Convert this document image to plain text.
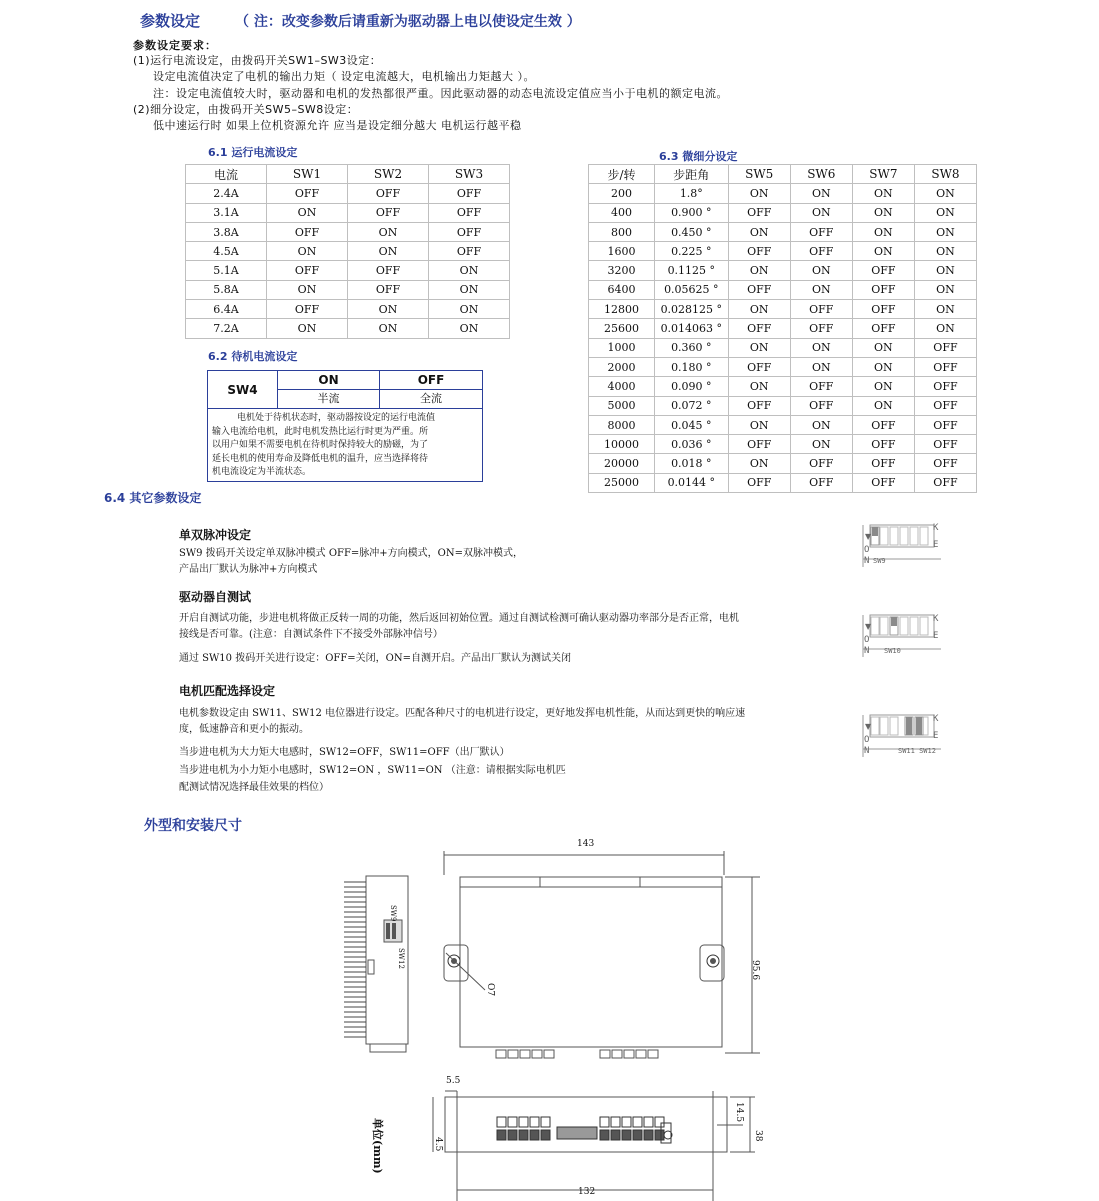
参数设定 （ 注：改变参数后请重新为驱动器上电以使设定生效 ）
参数设定要求：
(1)运行电流设定，由拨码开关SW1–SW3设定：
设定电流值决定了电机的输出力矩（ 设定电流越大，电机输出力矩越大 ）。
注：设定电流值较大时，驱动器和电机的发热都很严重。因此驱动器的动态电流设定值应当小于电机的额定电流。
(2)细分设定，由拨码开关SW5–SW8设定：
低中速运行时 如果上位机资源允许 应当是设定细分越大 电机运行越平稳
6.1 运行电流设定
电流	SW1	SW2	SW3
2.4A	OFF	OFF	OFF
3.1A	ON	OFF	OFF
3.8A	OFF	ON	OFF
4.5A	ON	ON	OFF
5.1A	OFF	OFF	ON
5.8A	ON	OFF	ON
6.4A	OFF	ON	ON
7.2A	ON	ON	ON
6.2 待机电流设定
SW4
ON	OFF
半流	全流
电机处于待机状态时，驱动器按设定的运行电流值
输入电流给电机，此时电机发热比运行时更为严重。所
以用户如果不需要电机在待机时保持较大的励磁，为了
延长电机的使用寿命及降低电机的温升，应当选择将待
机电流设定为半流状态。
6.3 微细分设定
步/转	步距角	SW5	SW6	SW7	SW8
200	1.8°	ON	ON	ON	ON
400	0.900 °	OFF	ON	ON	ON
800	0.450 °	ON	OFF	ON	ON
1600	0.225 °	OFF	OFF	ON	ON
3200	0.1125 °	ON	ON	OFF	ON
6400	0.05625 °	OFF	ON	OFF	ON
12800	0.028125 °	ON	OFF	OFF	ON
25600	0.014063 °	OFF	OFF	OFF	ON
1000	0.360 °	ON	ON	ON	OFF
2000	0.180 °	OFF	ON	ON	OFF
4000	0.090 °	ON	OFF	ON	OFF
5000	0.072 °	OFF	OFF	ON	OFF
8000	0.045 °	ON	ON	OFF	OFF
10000	0.036 °	OFF	ON	OFF	OFF
20000	0.018 °	ON	OFF	OFF	OFF
25000	0.0144 °	OFF	OFF	OFF	OFF
6.4 其它参数设定
单双脉冲设定
SW9 拨码开关设定单双脉冲模式 OFF=脉冲+方向模式，ON=双脉冲模式，
产品出厂默认为脉冲+方向模式
驱动器自测试
开启自测试功能，步进电机将做正反转一周的功能，然后返回初始位置。通过自测试检测可确认驱动器功率部分是否正常，电机
接线是否可靠。(注意：自测试条件下不接受外部脉冲信号）
通过 SW10 拨码开关进行设定：OFF=关闭，ON=自测开启。产品出厂默认为测试关闭
电机匹配选择设定
电机参数设定由 SW11、SW12 电位器进行设定。匹配各种尺寸的电机进行设定，更好地发挥电机性能，从而达到更快的响应速
度，低速静音和更小的振动。
当步进电机为大力矩大电感时，SW12=OFF，SW11=OFF（出厂默认）
当步进电机为小力矩小电感时，SW12=ON ，SW11=ON （注意：请根据实际电机匹
配测试情况选择最佳效果的档位）
▼
K
E
O
N SW9
▼
K
E
O
N SW10
▼
K
E
O
N	SW11 SW12
外型和安装尺寸
SW9
SW12
143
95.6
O7
5.5
4.5
14.5
38
132
单位(mm)
